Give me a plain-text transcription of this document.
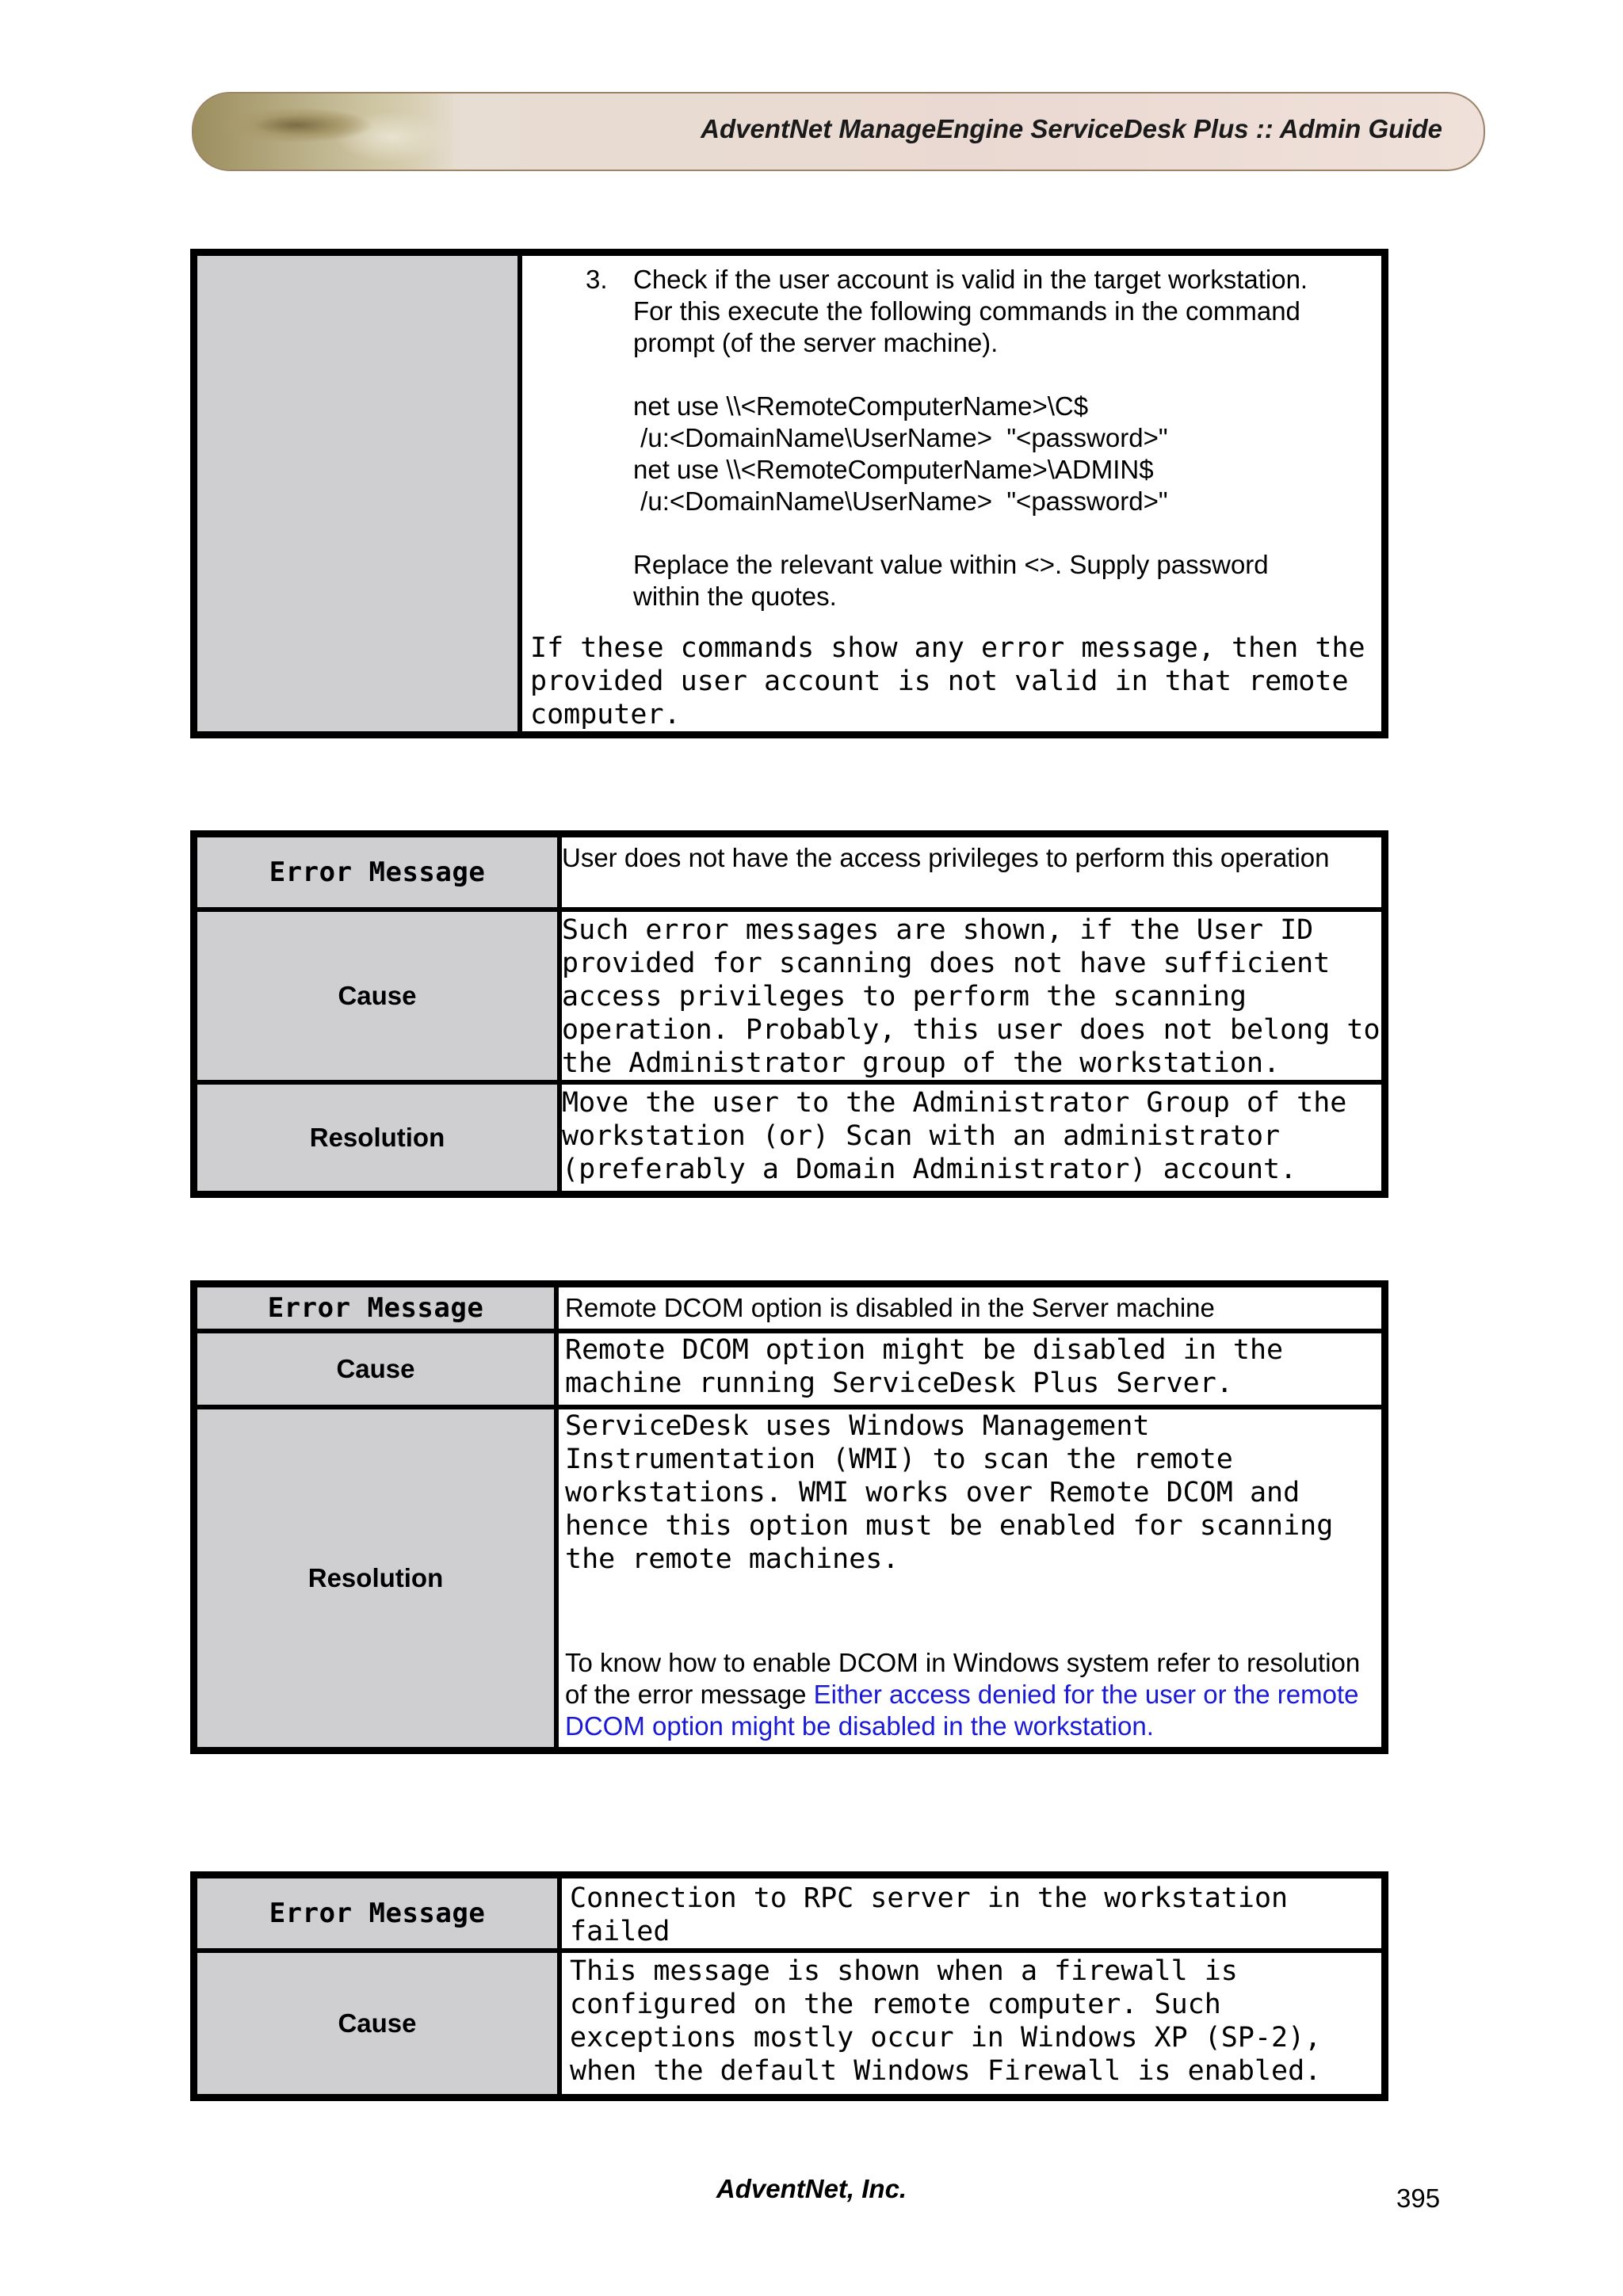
AdventNet ManageEngine ServiceDesk Plus :: Admin Guide

3. Check if the user account is valid in the target workstation.
For this execute the following commands in the command
prompt (of the server machine).
net use \\<RemoteComputerName>\C$
/u:<DomainName\UserName>  "<password>"
net use \\<RemoteComputerName>\ADMIN$
/u:<DomainName\UserName>  "<password>"
Replace the relevant value within <>. Supply password
within the quotes.
If these commands show any error message, then the provided user account is not valid in that remote computer.
Error Message	User does not have the access privileges to perform this operation
Cause	Such error messages are shown, if the User ID provided for scanning does not have sufficient access privileges to perform the scanning operation. Probably, this user does not belong to the Administrator group of the workstation.
Resolution	Move the user to the Administrator Group of the workstation (or) Scan with an administrator (preferably a Domain Administrator) account.
Error Message	Remote DCOM option is disabled in the Server machine
Cause	Remote DCOM option might be disabled in the machine running ServiceDesk Plus Server.
Resolution	ServiceDesk uses Windows Management Instrumentation (WMI) to scan the remote workstations. WMI works over Remote DCOM and hence this option must be enabled for scanning the remote machines.
To know how to enable DCOM in Windows system refer to resolution of the error message Either access denied for the user or the remote DCOM option might be disabled in the workstation.
Error Message	Connection to RPC server in the workstation failed
Cause	This message is shown when a firewall is configured on the remote computer. Such exceptions mostly occur in Windows XP (SP-2), when the default Windows Firewall is enabled.
AdventNet, Inc.	395
